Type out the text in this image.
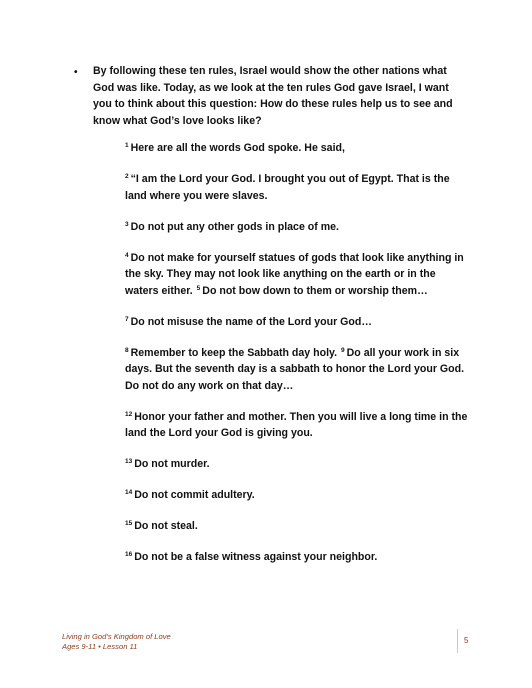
• By following these ten rules, Israel would show the other nations what God was like. Today, as we look at the ten rules God gave Israel, I want you to think about this question: How do these rules help us to see and know what God’s love looks like?

$^1$ Here are all the words God spoke. He said,

$^2$ “I am the Lord your God. I brought you out of Egypt. That is the land where you were slaves.

$^3$ Do not put any other gods in place of me.

$^4$ Do not make for yourself statues of gods that look like anything in the sky. They may not look like anything on the earth or in the waters either. $^5$ Do not bow down to them or worship them…

$^7$ Do not misuse the name of the Lord your God…

$^8$ Remember to keep the Sabbath day holy. $^9$ Do all your work in six days. But the seventh day is a sabbath to honor the Lord your God. Do not do any work on that day…

$^{12}$ Honor your father and mother. Then you will live a long time in the land the Lord your God is giving you.

$^{13}$ Do not murder.

$^{14}$ Do not commit adultery.

$^{15}$ Do not steal.

$^{16}$ Do not be a false witness against your neighbor.

Living in God’s Kingdom of Love
Ages 9-11 • Lesson 11
5
